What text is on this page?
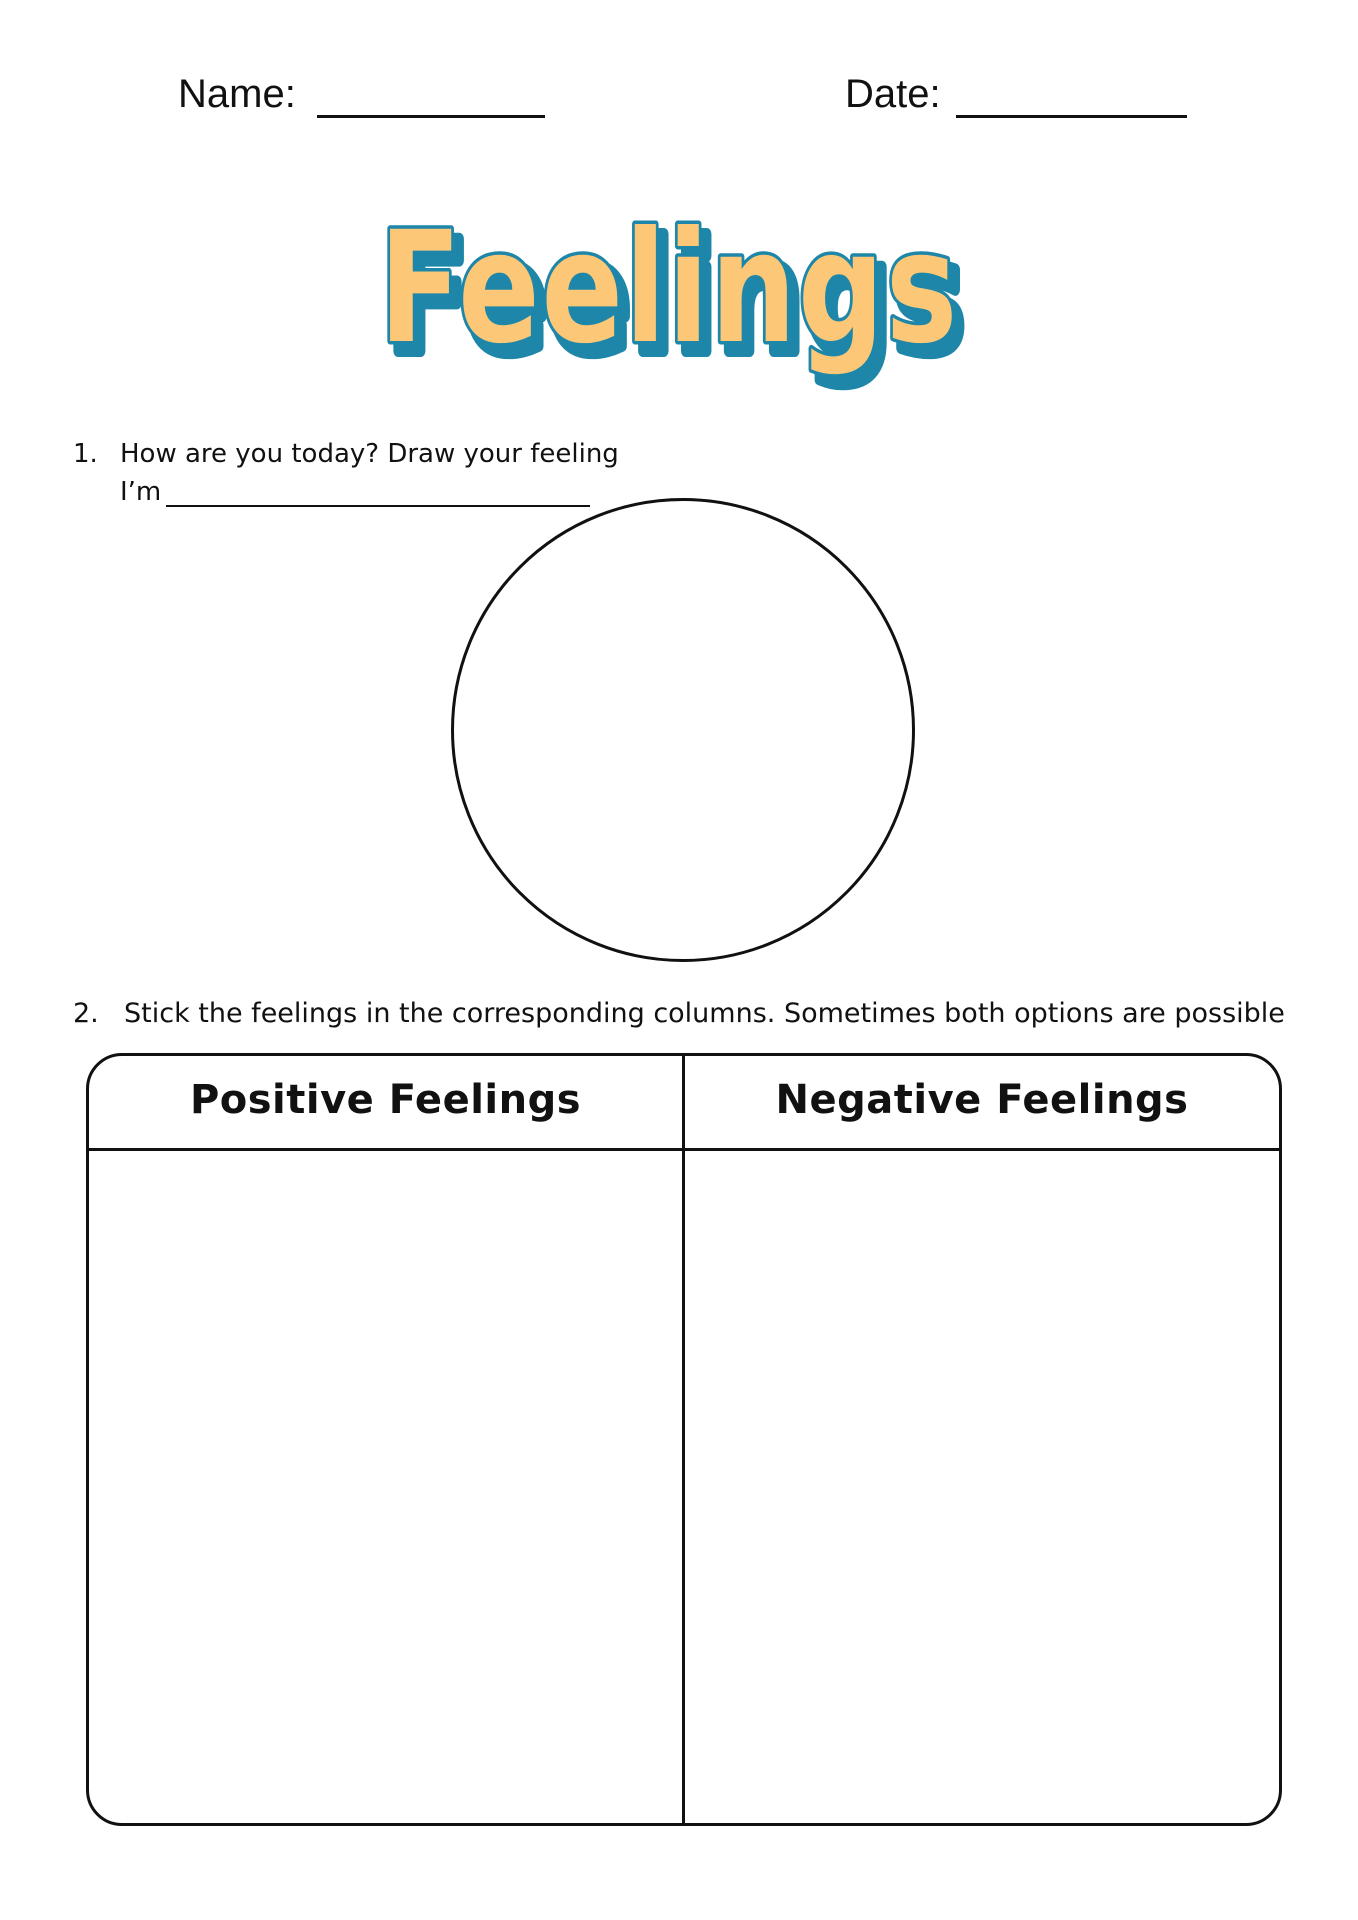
Name:	Date:
Feelings
Feelings
1. How are you today? Draw your feeling
I’m
2. Stick the feelings in the corresponding columns. Sometimes both options are possible
Positive Feelings	Negative Feelings
